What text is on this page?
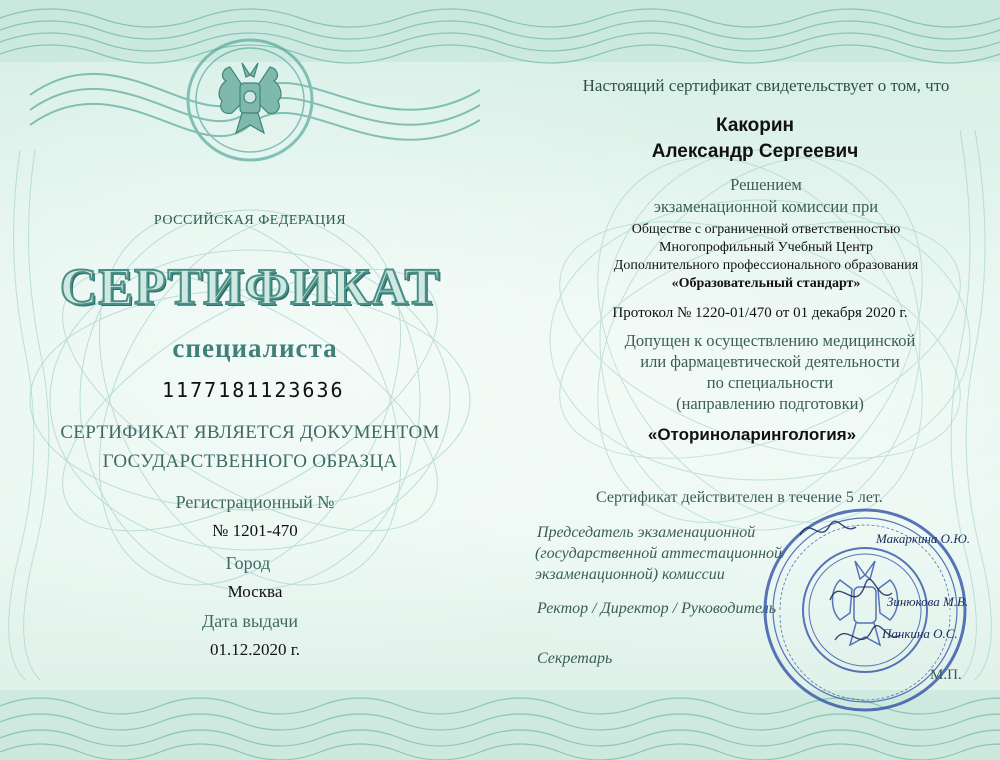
РОССИЙСКАЯ ФЕДЕРАЦИЯ
СЕРТИФИКАТ
специалиста
1177181123636
СЕРТИФИКАТ ЯВЛЯЕТСЯ ДОКУМЕНТОМ
ГОСУДАРСТВЕННОГО ОБРАЗЦА
Регистрационный №
№ 1201-470
Город
Москва
Дата выдачи
01.12.2020 г.
Настоящий сертификат свидетельствует о том, что
Какорин
Александр Сергеевич
Решением
экзаменационной комиссии при
Обществе с ограниченной ответственностью
Многопрофильный Учебный Центр
Дополнительного профессионального образования
«Образовательный стандарт»
Протокол № 1220-01/470 от 01 декабря 2020 г.
Допущен к осуществлению медицинской
или фармацевтической деятельности
по специальности
(направлению подготовки)
«Оториноларингология»
Сертификат действителен в течение 5 лет.
Председатель экзаменационной
(государственной аттестационной/
экзаменационной) комиссии
Ректор / Директор / Руководитель
Секретарь
Макаркина О.Ю.
Зинюкова М.В.
Панкина О.С.
М.П.
